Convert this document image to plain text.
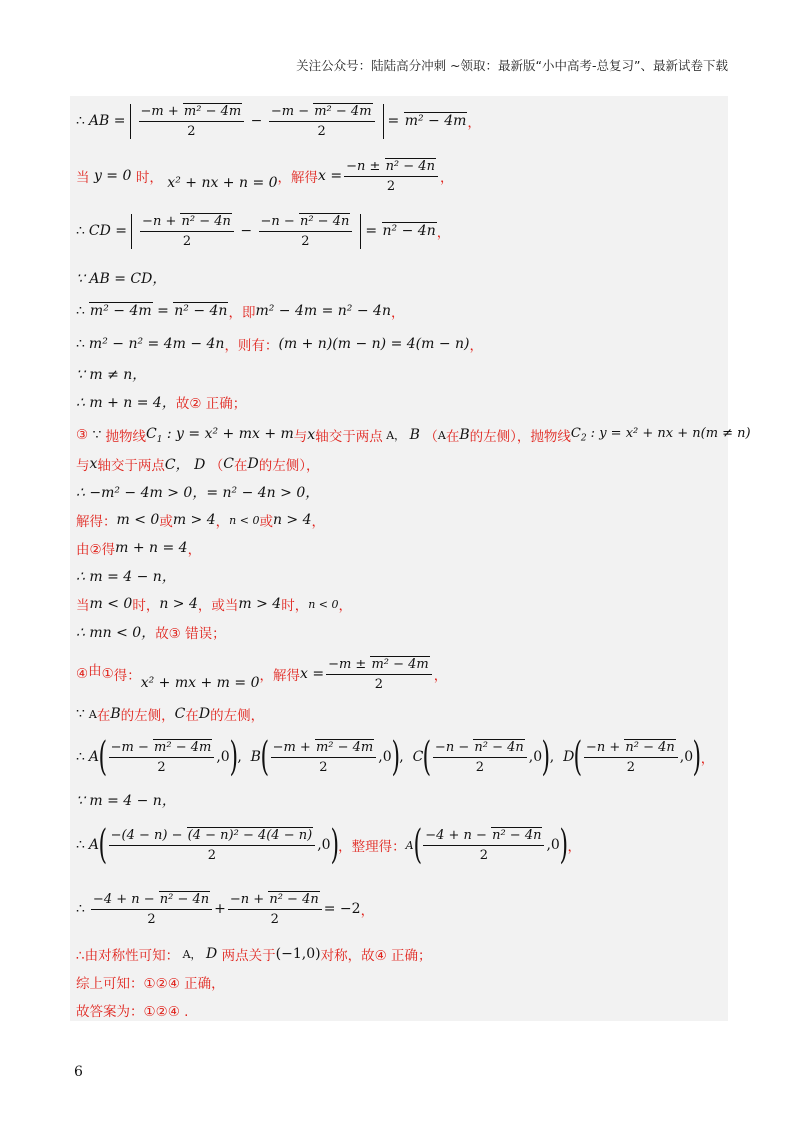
关注公众号：陆陆高分冲刺 ~领取：最新版“小中高考-总复习”、最新试卷下载
∴ AB = $\frac{\text{−m + m² − 4m}}{2} - \frac{\text{−m − m² − 4m}}{2} = m^2 - 4m$ ，
当 y = 0 时， x² + nx + n = 0 ，解得 $x = \frac{\text{−n ± n² − 4n}}{2}$ ，
∴ CD = $\frac{\text{−n + n² − 4n}}{2} - \frac{\text{−n − n² − 4n}}{2} = n^2 - 4n$ ，
∵ AB = CD，
∴ m² − 4m = n² − 4n ，即 m² − 4m = n² − 4n ，
∴ m² − n² = 4m − 4n ，则有： (m + n)(m − n) = 4(m − n) ，
∵ m ≠ n，
∴ m + n = 4， 故② 正确；
③ ∵ 抛物线 $C_1$ : y = x² + mx + m 与 x 轴交于两点 A， B （ A 在 B 的左侧），抛物线 $C_2$ : y = x² + nx + n(m ≠ n)
与 x 轴交于两点 C， D （ C 在 D 的左侧），
∴ −m² − 4m > 0，= n² − 4n > 0，
解得： m < 0 或 m > 4 ， n < 0 或 n > 4 ，
由②得 m + n = 4 ，
∴ m = 4 − n，
当 m < 0 时， n > 4 ，或当 m > 4 时， n < 0 ，
∴ mn < 0， 故③ 错误；
④ 由 ① 得： x² + mx + m = 0 ，解得 $x = \frac{\text{−m ± m² − 4m}}{2}$ ，
∵ A 在 B 的左侧， C 在 D 的左侧，
∴ A ( $\frac{\text{−m − m² − 4m}}{2} ,0$ ) , B ( $\frac{\text{−m + m² − 4m}}{2} ,0$ ) , C ( $\frac{\text{−n − n² − 4n}}{2} ,0$ ) , D ( $\frac{\text{−n + n² − 4n}}{2} ,0$ ) ，
∵ m = 4 − n，
∴ A ( $\frac{\text{−(4 − n) − (4 − n)² − 4(4 − n)}}{2} ,0$ ) ，整理得： A ( $\frac{\text{−4 + n − n² − 4n}}{2} ,0$ ) ，
∴ $\frac{\text{−4 + n − n² − 4n}}{2} + \frac{\text{−n + n² − 4n}}{2} = -2$ ，
∴由对称性可知： A， D 两点关于 (−1,0) 对称，故④ 正确；
综上可知：①②④ 正确，
故答案为：①②④ .
6
